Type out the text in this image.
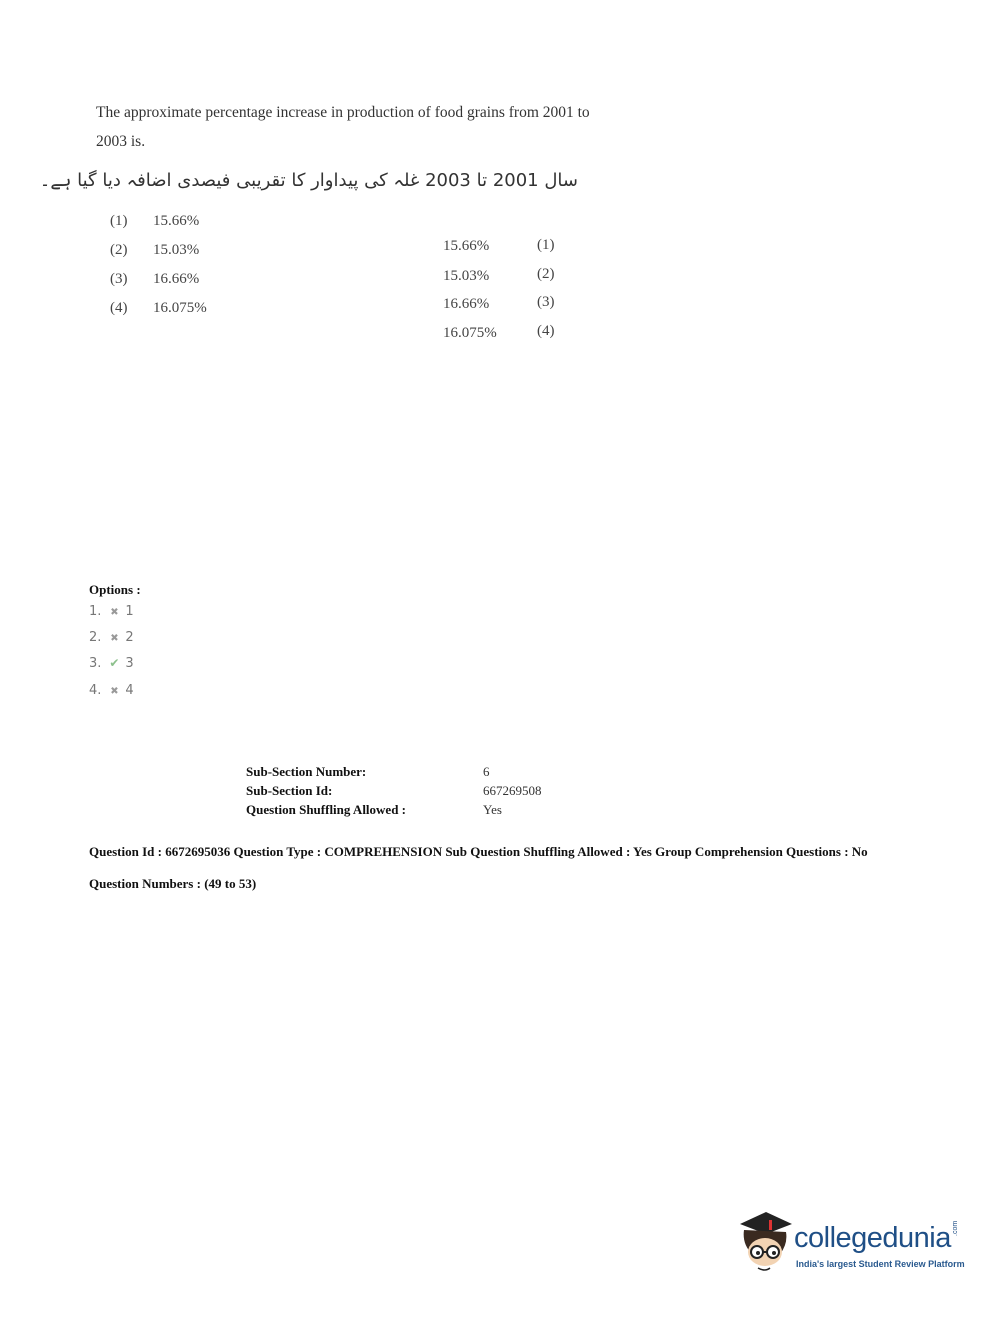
The approximate percentage increase in production of food grains from 2001 to 2003 is.
سال 2001 تا 2003 غلہ کی پیداوار کا تقریبی فیصدی اضافہ دیا گیا ہے۔
(1) 15.66%
(2) 15.03%
(3) 16.66%
(4) 16.075%
15.66%	(1)
15.03%	(2)
16.66%	(3)
16.075%	(4)
Options :
1. ✖ 1
2. ✖ 2
3. ✔ 3
4. ✖ 4
Sub-Section Number:	6
Sub-Section Id:	667269508
Question Shuffling Allowed :	Yes
Question Id : 6672695036 Question Type : COMPREHENSION Sub Question Shuffling Allowed : Yes Group Comprehension Questions : No
Question Numbers : (49 to 53)
collegedunia .com
India's largest Student Review Platform
